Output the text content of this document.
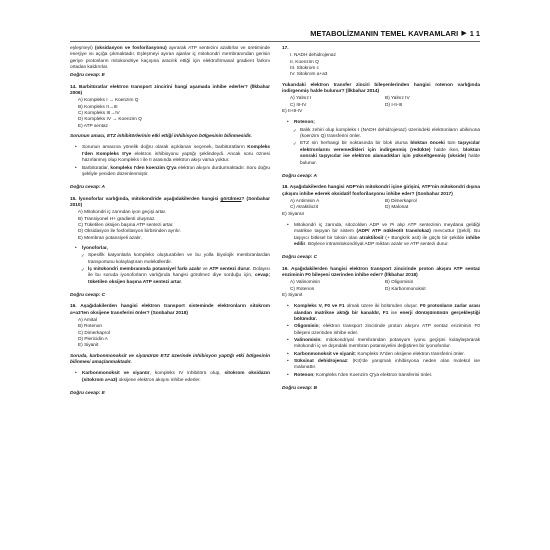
METABOLİZMANIN TEMEL KAVRAMLARI ▶ 1 1

eşleşmeyi) (oksidasyon ve fosforilasyonu) ayırarak ATP sentezini azaltırlar ve üretiminde enerjiye ısı açığa çıkmaktadır. Eşleşmeyi ayıran ajanlar iç mitokondri membranından gerisin geriye protonların mitokondriye kaçışına aracılık ettiği için elektrofirmasal gradient farkını ortadan kaldırırlar.

Doğru cevap: E

14. Barbitüratlar elektron transport zincirini hangi aşamada inhibe ederler? (İlkbahar 2006)

A) Kompleks I → Koenzim Q
B) Kompleks II→III
C) Kompleks III→IV
D) Kompleks IV → Koenzim Q
E) ATP sentaz

Sorunun amacı, ETZ inhibitörlerinin etki ettiği inhibisyon bölgesinin bilinmesidir.

• Sorunun amacına yönelik doğru olarak açıklanan seçenek, barbitüratların Kompleks I'den Kompleks II'ye elektron inhibisyonu yaptığı şeklindeydi. Ancak soru öznesi hazırlanmış olup Kompleks I ile II arasında elektron akışı varsa yoktur.
• Barbitüratlar, kompleks I'den koenzim Q'ya elektron akışını durdurmaktadır. Soru doğru şekliyle yeniden düzenlenmiştir.

Doğru cevap: A

15. İyonoforlar varlığında, mitokondride aşağıdakilerden hangisi görülmez? (Sonbahar 2010)

A) Mitokondri iç zarından iyon geçişi artar.
B) Transiyonel H+ gradienti oluşmaz.
C) Tüketilen oksijen başına ATP sentezi artar.
D) Oksidasyon ile fosforilasyon birbirinden ayrılır.
E) Membran potansiyeli azalır.
• İyonoforlar,
✓ Spesifik katyonlarla kompleks oluşturabilen ve bu yolla biyolojik membranlardan transportunu kolaylaştıran moleküllerdir.
✓ İç mitokondri membranında potansiyel farkı azalır ve ATP sentezi durur. Dolayısı ile bu soruda iyonoforların varlığında hangisi görülmez diye sorduğu için, cevap; tüketilen oksijen başına ATP sentezi artar.

Doğru cevap: C

16. Aşağıdakilerden hangisi elektron transport sisteminde elektronların sitokrom a+a3'ten oksijene transferini önler? (Sonbahar 2018)

A) Amital
B) Rotenon
C) Dimerkaprol
D) Piericidin A
E) Siyanit

Soruda, karbonmonoksit ve siyanürün ETZ üzerinde inhibisyon yaptığı etki bölgesinin bilinmesi amaçlanmaktadır.

• Karbonmonoksit ve siyanür, kompleks IV inhibitörü olup, sitokrom oksidazın (sitokrom a+a3) oksijene elektron akışını inhibe ederler.

Doğru cevap: E

17.

I. NADH dehidrojenaz
II. Koenzim Q
III. Sitokrom c
IV. Sitokrom a+a3

Yukarıdaki elektron transfer zinciri bileşenlerinden hangisi rotenon varlığında indirgenmiş halde bulunur? (İlkbahar 2014)

A) Yalnız I	B) Yalnız IV
C) III-IV	D) I-II-III

E) II-III-IV

• Rotenon;
✓ Balık zehiri olup kompleks I (NADH dehidrojenaz) üzerindeki elektronların ubikinona (koenzim Q) transferini önler.
✓ ETZ nin herhangi bir noktasında bir blok olursa bloktan önceki tüm taşıyıcılar elektronlarını veremedikleri için indirgenmiş (redükte) halde iken, bloktan sonraki taşıyıcılar ise elektron alamadıkları için yükseltgenmiş (okside) halde bulunur.

Doğru cevap: A

18. Aşağıdakilerden hangisi ADP'nin mitokondri içine girişini, ATP'nin mitokondri dışına çıkışını inhibe ederek oksidatif fosforilasyonu inhibe eder? (Sonbahar 2017)

A) Antimisin A	B) Dimerkaprol
C) Atraktilozit	D) Malonat

E) Siyanür

• Mitokondri iç zarında, sitozolden ADP ve Pi alıp ATP sentezinin meydana geldiği matrikse taşıyan bir sistem (ADP/ ATP nükleotit translokaz) mevcuttur (Şekil). Bu taşıyıcı bitkisel bir toksin olan atraktilosit (+ Bongkrik asit) ile güçlü bir şekilde inhibe edilir. Böylece intramitokondriyal ADP miktarı azalır ve ATP sentezi durur.

Doğru cevap: C

19. Aşağıdakilerden hangisi elektron transport zincirinde proton akışını ATP sentaz enziminin F0 bileşeni üzerinden inhibe eder? (İlkbahar 2018)

A) Valinomisin	B) Oligomisin
C) Rotenon	D) Karbonmonoksit

E) Siyanit

• Kompleks V, F0 ve F1 olmak üzere iki bölümden oluşur. F0 protonların zarlar arası alandan matrikse aktığı bir kanaldır, F1 ise enerji dönüşümünün gerçekleştiği bölümdür.
• Oligomisin; elektron transport zincirinde proton akışını ATP sentaz enziminin F0 bileşeni üzerinden inhibe eder.
• Valinomisin; mitokondriyal membrandan potasyum iyonu geçişini kolaylaştırarak mitokondri iç ve dışındaki membran potansiyelini değiştiren bir iyonofordur.
• Karbonmonoksit ve siyanit; Kompleks IV'den oksijene elektron transferini önler.
• Süksinat dehidrojenaz: (KII)'de yarışmalı inhibisyona neden olan molekül ise malonattır.
• Rotenon; Kompleks I'den Koenzim Q'ya elektron transferini önler.

Doğru cevap: B
